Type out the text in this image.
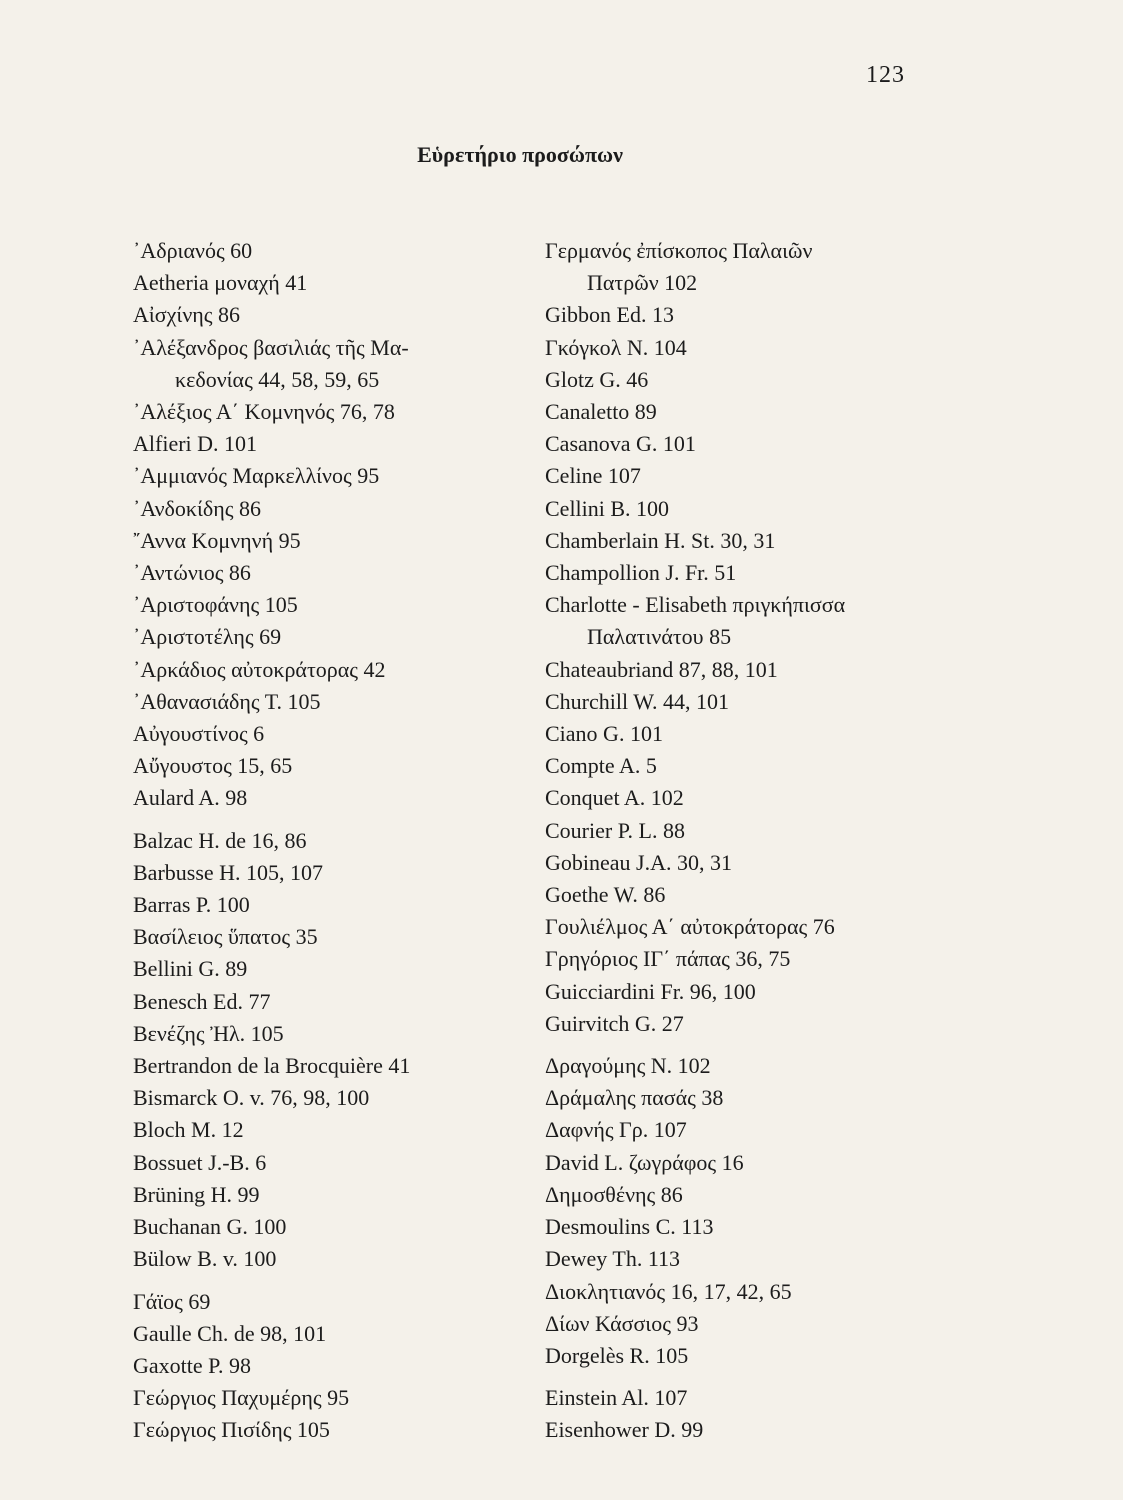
123
Εὑρετήριο προσώπων
᾿Αδριανός 60
Aetheria μοναχή 41
Αἰσχίνης 86
᾿Αλέξανδρος βασιλιάς τῆς Μα-
κεδονίας 44, 58, 59, 65
᾿Αλέξιος Α΄ Κομνηνός 76, 78
Alfieri D. 101
᾿Αμμιανός Μαρκελλίνος 95
᾿Ανδοκίδης 86
῎Αννα Κομνηνή 95
᾿Αντώνιος 86
᾿Αριστοφάνης 105
᾿Αριστοτέλης 69
᾿Αρκάδιος αὐτοκράτορας 42
᾿Αθανασιάδης Τ. 105
Αὐγουστίνος 6
Αὔγουστος 15, 65
Aulard A. 98
Balzac H. de 16, 86
Barbusse H. 105, 107
Barras P. 100
Βασίλειος ὕπατος 35
Bellini G. 89
Benesch Ed. 77
Βενέζης Ἠλ. 105
Bertrandon de la Brocquière 41
Bismarck O. v. 76, 98, 100
Bloch M. 12
Bossuet J.-B. 6
Brüning H. 99
Buchanan G. 100
Bülow B. v. 100
Γάϊος 69
Gaulle Ch. de 98, 101
Gaxotte P. 98
Γεώργιος Παχυμέρης 95
Γεώργιος Πισίδης 105
Γερμανός ἐπίσκοπος Παλαιῶν
Πατρῶν 102
Gibbon Ed. 13
Γκόγκολ Ν. 104
Glotz G. 46
Canaletto 89
Casanova G. 101
Celine 107
Cellini B. 100
Chamberlain H. St. 30, 31
Champollion J. Fr. 51
Charlotte - Elisabeth πριγκήπισσα
Παλατινάτου 85
Chateaubriand 87, 88, 101
Churchill W. 44, 101
Ciano G. 101
Compte A. 5
Conquet A. 102
Courier P. L. 88
Gobineau J.A. 30, 31
Goethe W. 86
Γουλιέλμος Α΄ αὐτοκράτορας 76
Γρηγόριος ΙΓ΄ πάπας 36, 75
Guicciardini Fr. 96, 100
Guirvitch G. 27
Δραγούμης Ν. 102
Δράμαλης πασάς 38
Δαφνής Γρ. 107
David L. ζωγράφος 16
Δημοσθένης 86
Desmoulins C. 113
Dewey Th. 113
Διοκλητιανός 16, 17, 42, 65
Δίων Κάσσιος 93
Dorgelès R. 105
Einstein Al. 107
Eisenhower D. 99
